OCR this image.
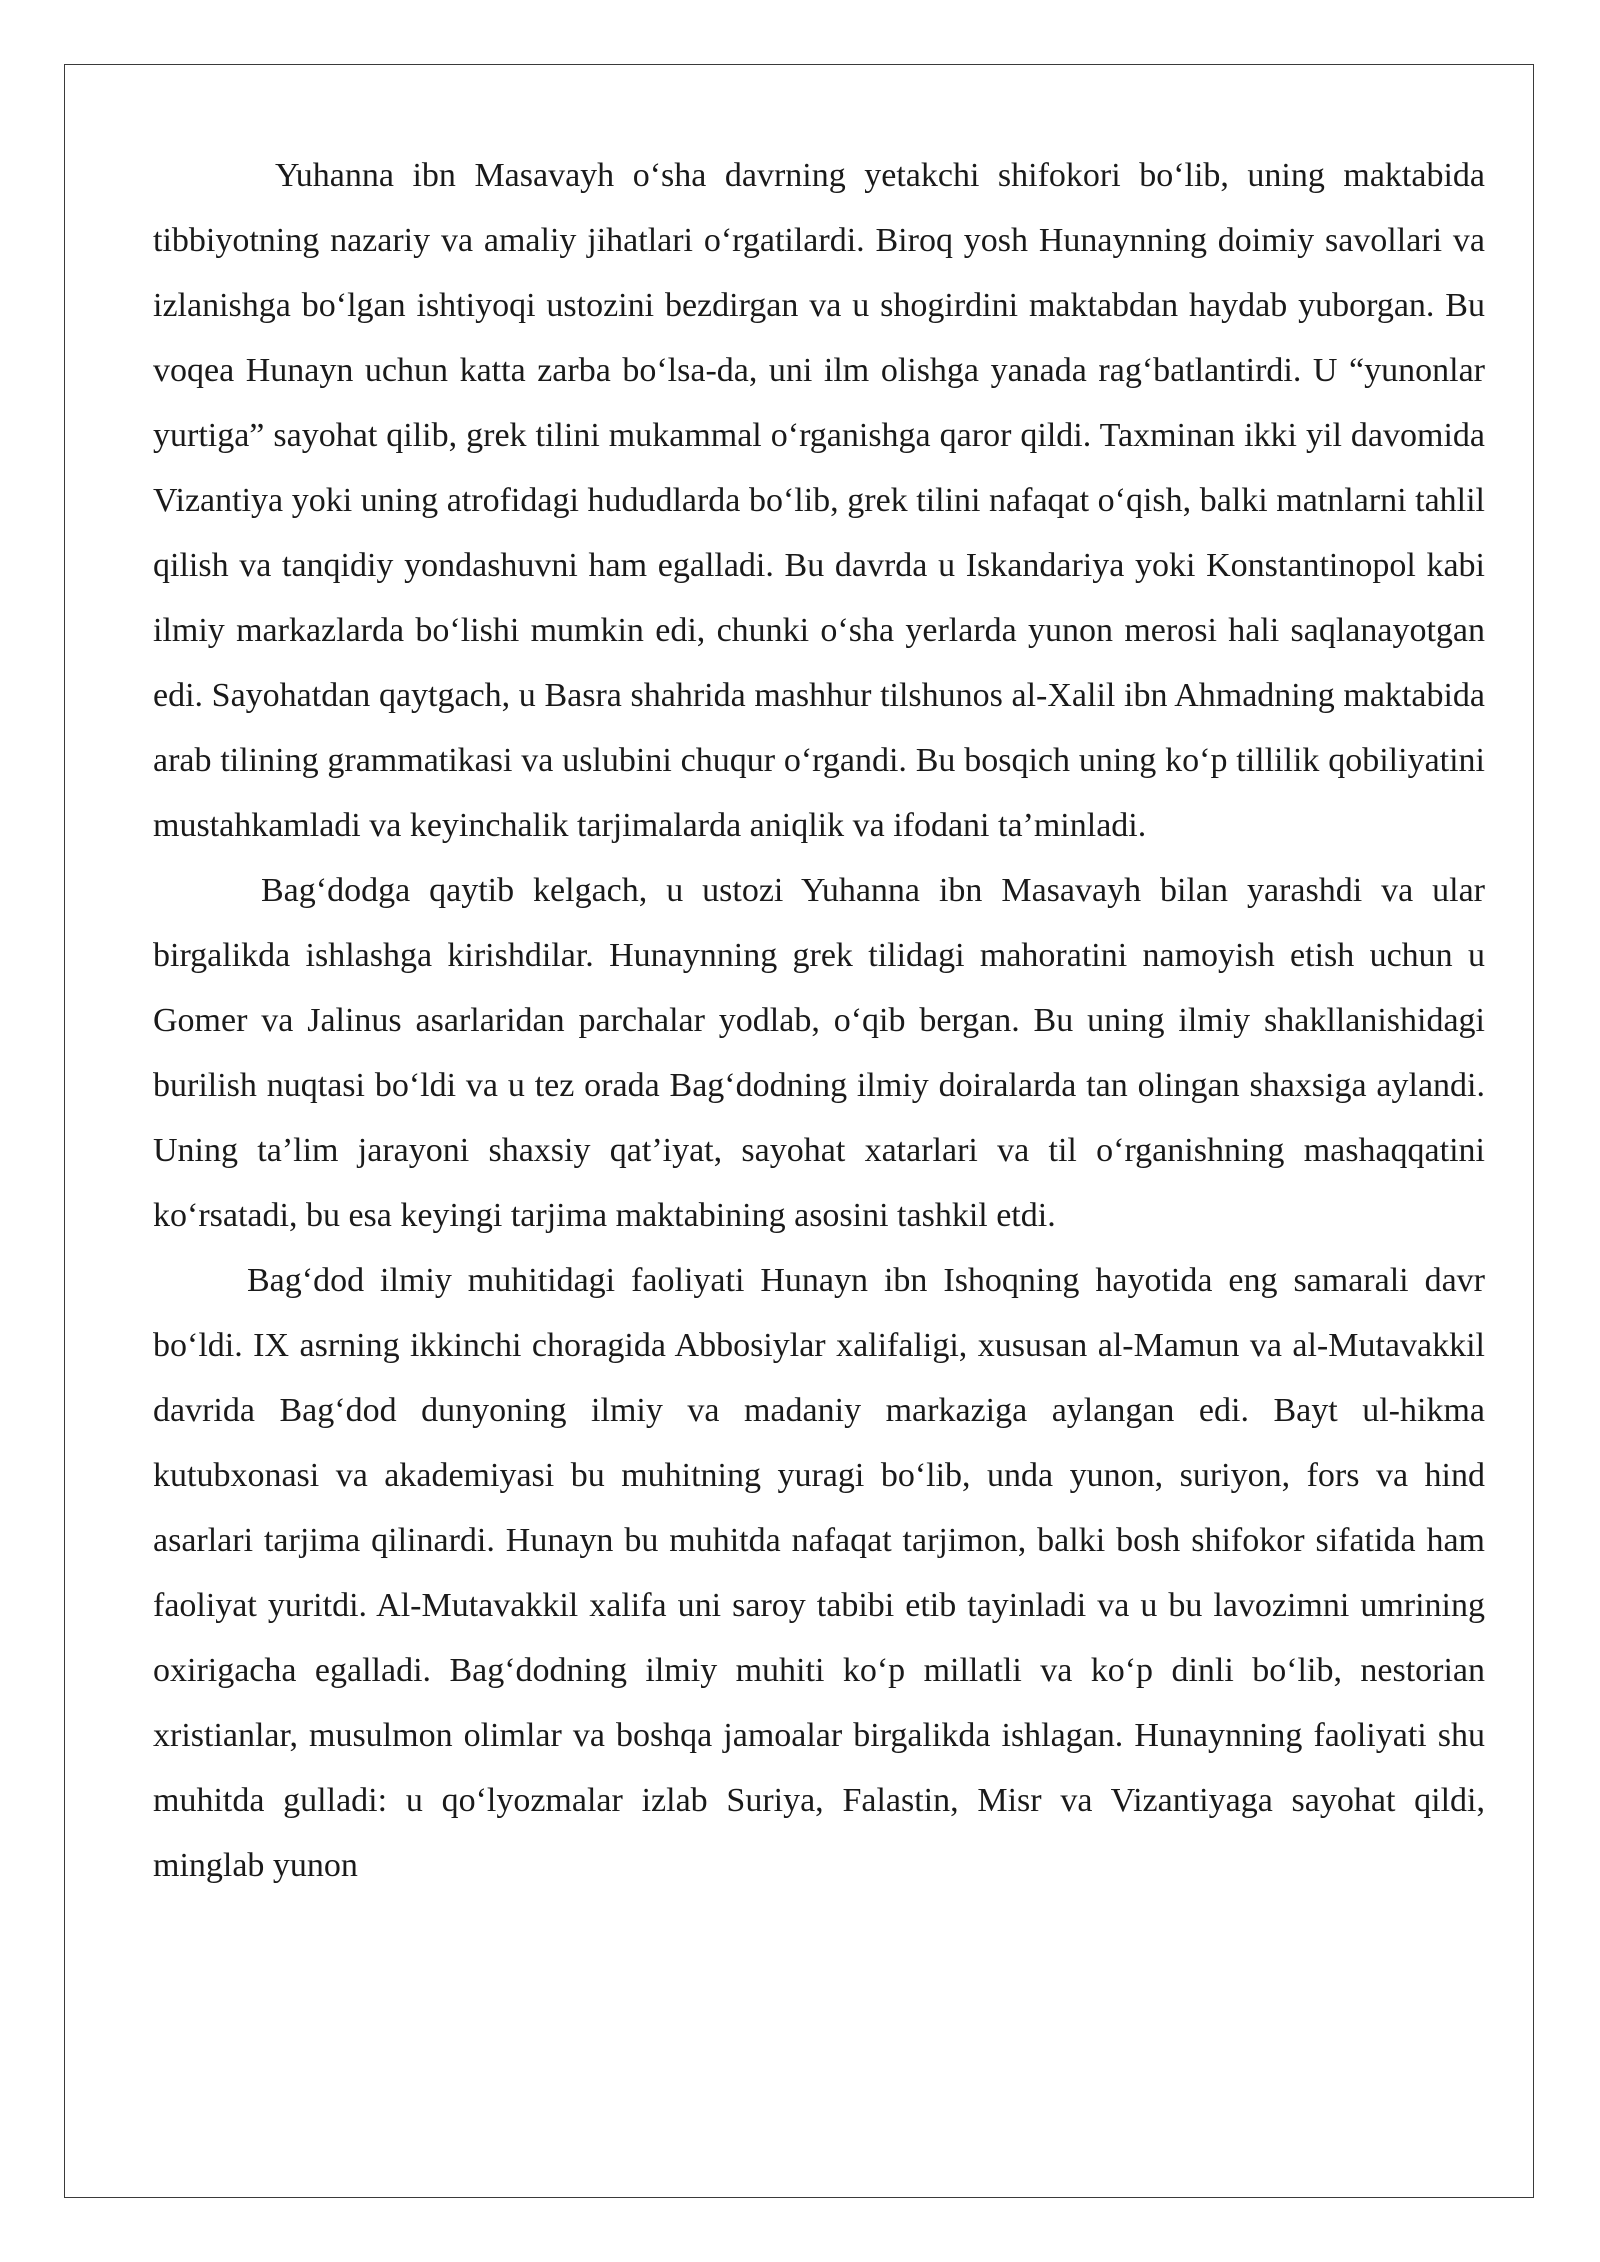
Yuhanna ibn Masavayh o‘sha davrning yetakchi shifokori bo‘lib, uning maktabida tibbiyotning nazariy va amaliy jihatlari o‘rgatilardi. Biroq yosh Hunaynning doimiy savollari va izlanishga bo‘lgan ishtiyoqi ustozini bezdirgan va u shogirdini maktabdan haydab yuborgan. Bu voqea Hunayn uchun katta zarba bo‘lsa-da, uni ilm olishga yanada rag‘batlantirdi. U “yunonlar yurtiga” sayohat qilib, grek tilini mukammal o‘rganishga qaror qildi. Taxminan ikki yil davomida Vizantiya yoki uning atrofidagi hududlarda bo‘lib, grek tilini nafaqat o‘qish, balki matnlarni tahlil qilish va tanqidiy yondashuvni ham egalladi. Bu davrda u Iskandariya yoki Konstantinopol kabi ilmiy markazlarda bo‘lishi mumkin edi, chunki o‘sha yerlarda yunon merosi hali saqlanayotgan edi. Sayohatdan qaytgach, u Basra shahrida mashhur tilshunos al-Xalil ibn Ahmadning maktabida arab tilining grammatikasi va uslubini chuqur o‘rgandi. Bu bosqich uning ko‘p tillilik qobiliyatini mustahkamladi va keyinchalik tarjimalarda aniqlik va ifodani ta’minladi.

Bag‘dodga qaytib kelgach, u ustozi Yuhanna ibn Masavayh bilan yarashdi va ular birgalikda ishlashga kirishdilar. Hunaynning grek tilidagi mahoratini namoyish etish uchun u Gomer va Jalinus asarlaridan parchalar yodlab, o‘qib bergan. Bu uning ilmiy shakllanishidagi burilish nuqtasi bo‘ldi va u tez orada Bag‘dodning ilmiy doiralarda tan olingan shaxsiga aylandi. Uning ta’lim jarayoni shaxsiy qat’iyat, sayohat xatarlari va til o‘rganishning mashaqqatini ko‘rsatadi, bu esa keyingi tarjima maktabining asosini tashkil etdi.

Bag‘dod ilmiy muhitidagi faoliyati Hunayn ibn Ishoqning hayotida eng samarali davr bo‘ldi. IX asrning ikkinchi choragida Abbosiylar xalifaligi, xususan al-Mamun va al-Mutavakkil davrida Bag‘dod dunyoning ilmiy va madaniy markaziga aylangan edi. Bayt ul-hikma kutubxonasi va akademiyasi bu muhitning yuragi bo‘lib, unda yunon, suriyon, fors va hind asarlari tarjima qilinardi. Hunayn bu muhitda nafaqat tarjimon, balki bosh shifokor sifatida ham faoliyat yuritdi. Al-Mutavakkil xalifa uni saroy tabibi etib tayinladi va u bu lavozimni umrining oxirigacha egalladi. Bag‘dodning ilmiy muhiti ko‘p millatli va ko‘p dinli bo‘lib, nestorian xristianlar, musulmon olimlar va boshqa jamoalar birgalikda ishlagan. Hunaynning faoliyati shu muhitda gulladi: u qo‘lyozmalar izlab Suriya, Falastin, Misr va Vizantiyaga sayohat qildi, minglab yunon
